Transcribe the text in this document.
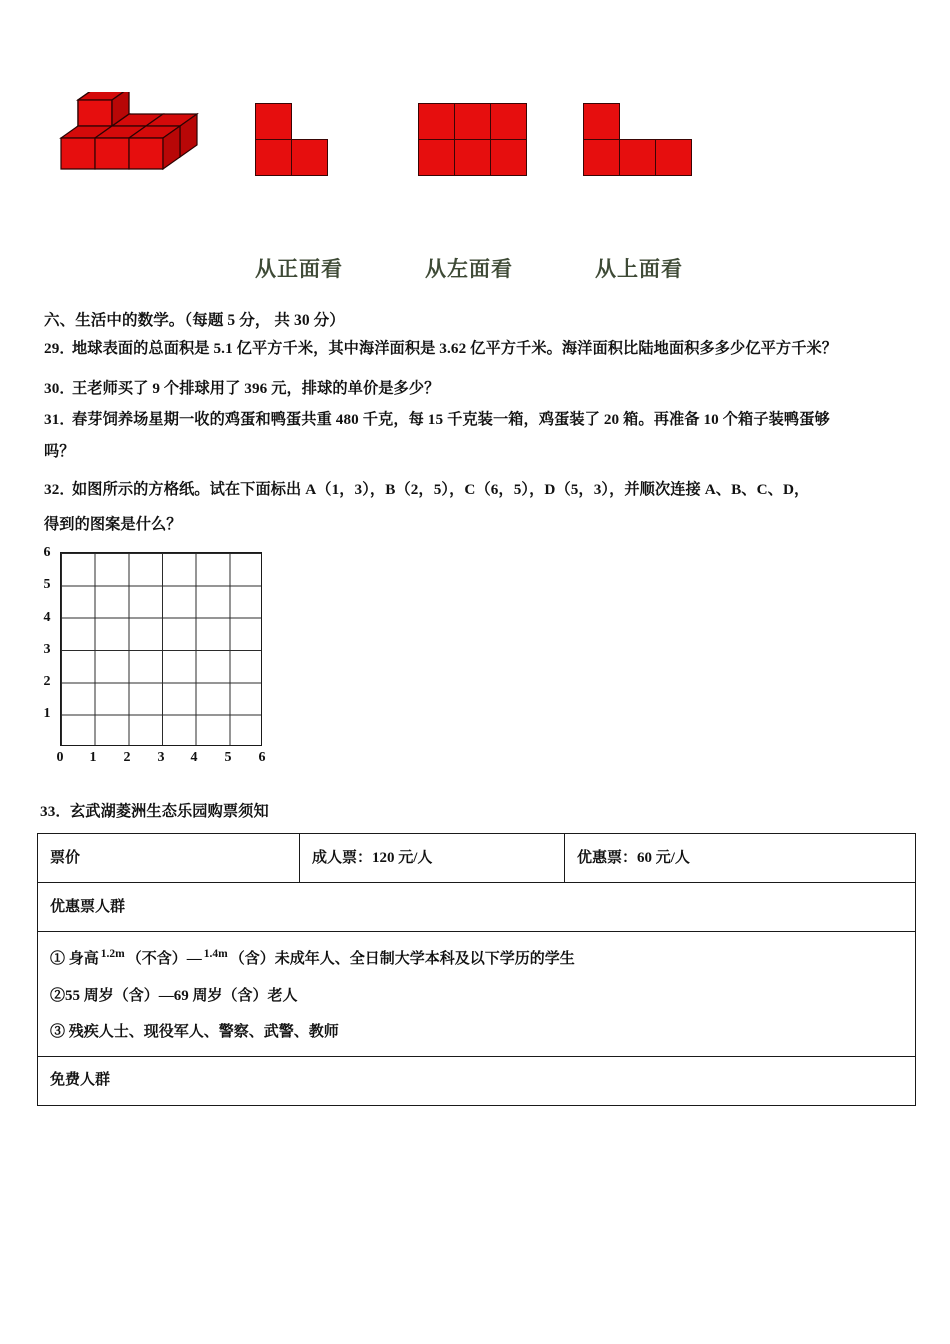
从正面看	从左面看	从上面看
六、生活中的数学。（每题 5 分， 共 30 分）
29．
地球表面的总面积是 5.1 亿平方千米，其中海洋面积是 3.62 亿平方千米。海洋面积比陆地面积多多少亿平方千米？
30．
王老师买了 9 个排球用了 396 元，排球的单价是多少？
31．
春芽饲养场星期一收的鸡蛋和鸭蛋共重 480 千克，每 15 千克装一箱，鸡蛋装了 20 箱。再准备 10 个箱子装鸭蛋够
吗？
32．
如图所示的方格纸。试在下面标出 A（1，3），B（2，5），C（6，5），D（5，3），并顺次连接 A、B、C、D，
得到的图案是什么？
6
5
4
3
2
1
0	1	2	3	4	5	6
33． 玄武湖菱洲生态乐园购票须知
票价	成人票：120 元/人	优惠票：60 元/人
优惠票人群

① 身高 $^{1.2m}$ （不含）— $^{1.4m}$ （含）未成年人、全日制大学本科及以下学历的学生
②55 周岁（含）—69 周岁（含）老人
③ 残疾人士、现役军人、警察、武警、教师

免费人群
